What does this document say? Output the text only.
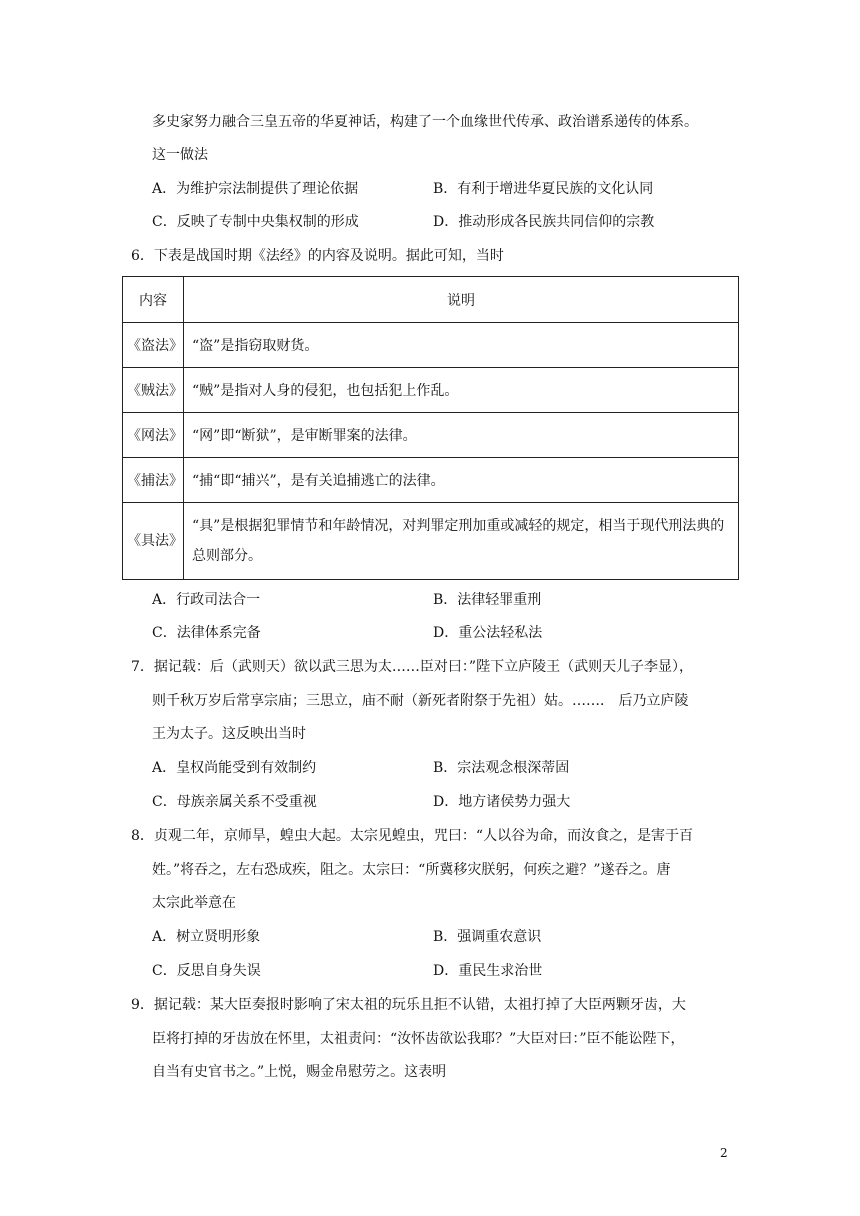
多史家努力融合三皇五帝的华夏神话，构建了一个血缘世代传承、政治谱系递传的体系。
这一做法
A．为维护宗法制提供了理论依据	B．有利于增进华夏民族的文化认同
C．反映了专制中央集权制的形成	D．推动形成各民族共同信仰的宗教
6．下表是战国时期《法经》的内容及说明。据此可知，当时
内容	说明
《盗法》	“盗”是指窃取财货。
《贼法》	“贼”是指对人身的侵犯，也包括犯上作乱。
《网法》	“网”即“断狱”，是审断罪案的法律。
《捕法》	“捕“即“捕兴”，是有关追捕逃亡的法律。
《具法》	“具”是根据犯罪情节和年龄情况，对判罪定刑加重或减轻的规定，相当于现代刑法典的总则部分。
A．行政司法合一	B．法律轻罪重刑
C．法律体系完备	D．重公法轻私法
7．据记载：后（武则天）欲以武三思为太……臣对曰：”陛下立庐陵王（武则天儿子李显），
则千秋万岁后常享宗庙；三思立，庙不耐（新死者附祭于先祖）姑。……． 后乃立庐陵
王为太子。这反映出当时
A．皇权尚能受到有效制约	B．宗法观念根深蒂固
C．母族亲属关系不受重视	D．地方诸侯势力强大
8．贞观二年，京师旱，蝗虫大起。太宗见蝗虫，咒曰：“人以谷为命，而汝食之，是害于百
姓。”将吞之，左右恐成疾，阻之。太宗曰：“所冀移灾朕躬，何疾之避？”遂吞之。唐
太宗此举意在
A．树立贤明形象	B．强调重农意识
C．反思自身失误	D．重民生求治世
9．据记载：某大臣奏报时影响了宋太祖的玩乐且拒不认错，太祖打掉了大臣两颗牙齿，大
臣将打掉的牙齿放在怀里，太祖责问：“汝怀齿欲讼我耶？”大臣对曰：”臣不能讼陛下，
自当有史官书之。”上悦，赐金帛慰劳之。这表明
2
